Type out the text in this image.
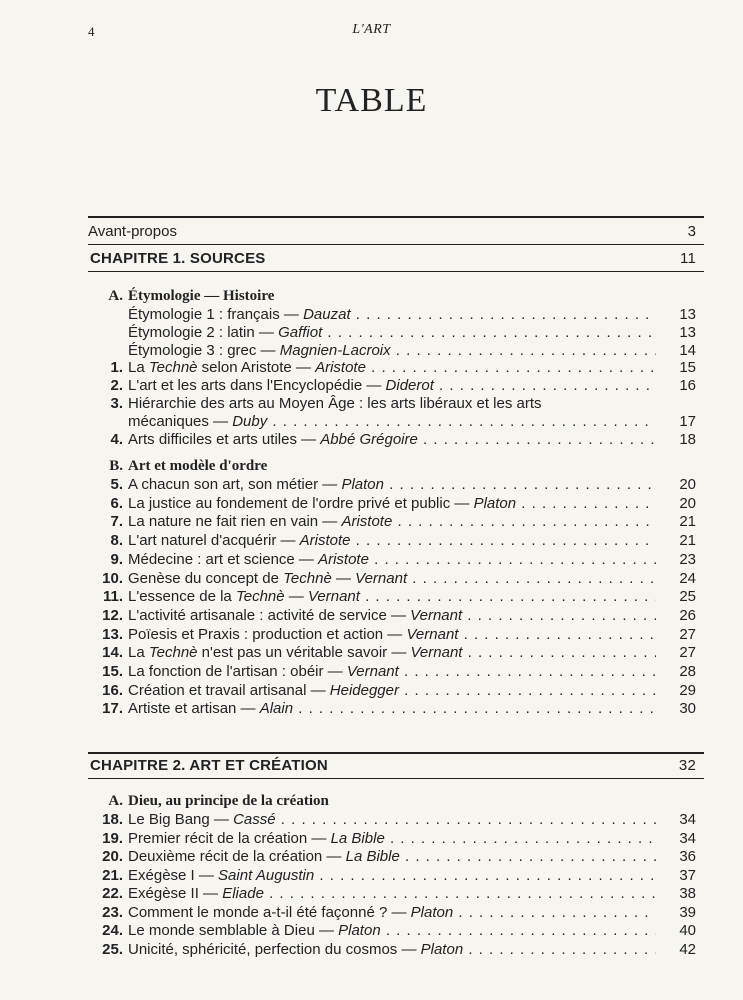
4	L'ART
TABLE
Avant-propos	3
CHAPITRE 1. SOURCES	11
A. Étymologie — Histoire
Étymologie 1 : français — Dauzat . . .	13
Étymologie 2 : latin — Gaffiot . . .	13
Étymologie 3 : grec — Magnien-Lacroix . . .	14
1. La Technè selon Aristote — Aristote . . .	15
2. L'art et les arts dans l'Encyclopédie — Diderot . . .	16
3. Hiérarchie des arts au Moyen Âge : les arts libéraux et les arts
mécaniques — Duby . . .	17
4. Arts difficiles et arts utiles — Abbé Grégoire . . .	18
B. Art et modèle d'ordre
5. A chacun son art, son métier — Platon . . .	20
6. La justice au fondement de l'ordre privé et public — Platon . . .	20
7. La nature ne fait rien en vain — Aristote . . .	21
8. L'art naturel d'acquérir — Aristote . . .	21
9. Médecine : art et science — Aristote . . .	23
10. Genèse du concept de Technè — Vernant . . .	24
11. L'essence de la Technè — Vernant . . .	25
12. L'activité artisanale : activité de service — Vernant . . .	26
13. Poïesis et Praxis : production et action — Vernant . . .	27
14. La Technè n'est pas un véritable savoir — Vernant . . .	27
15. La fonction de l'artisan : obéir — Vernant . . .	28
16. Création et travail artisanal — Heidegger . . .	29
17. Artiste et artisan — Alain . . .	30
CHAPITRE 2. ART ET CRÉATION	32
A. Dieu, au principe de la création
18. Le Big Bang — Cassé . . .	34
19. Premier récit de la création — La Bible . . .	34
20. Deuxième récit de la création — La Bible . . .	36
21. Exégèse I — Saint Augustin . . .	37
22. Exégèse II — Eliade . . .	38
23. Comment le monde a-t-il été façonné ? — Platon . . .	39
24. Le monde semblable à Dieu — Platon . . .	40
25. Unicité, sphéricité, perfection du cosmos — Platon . . .	42
